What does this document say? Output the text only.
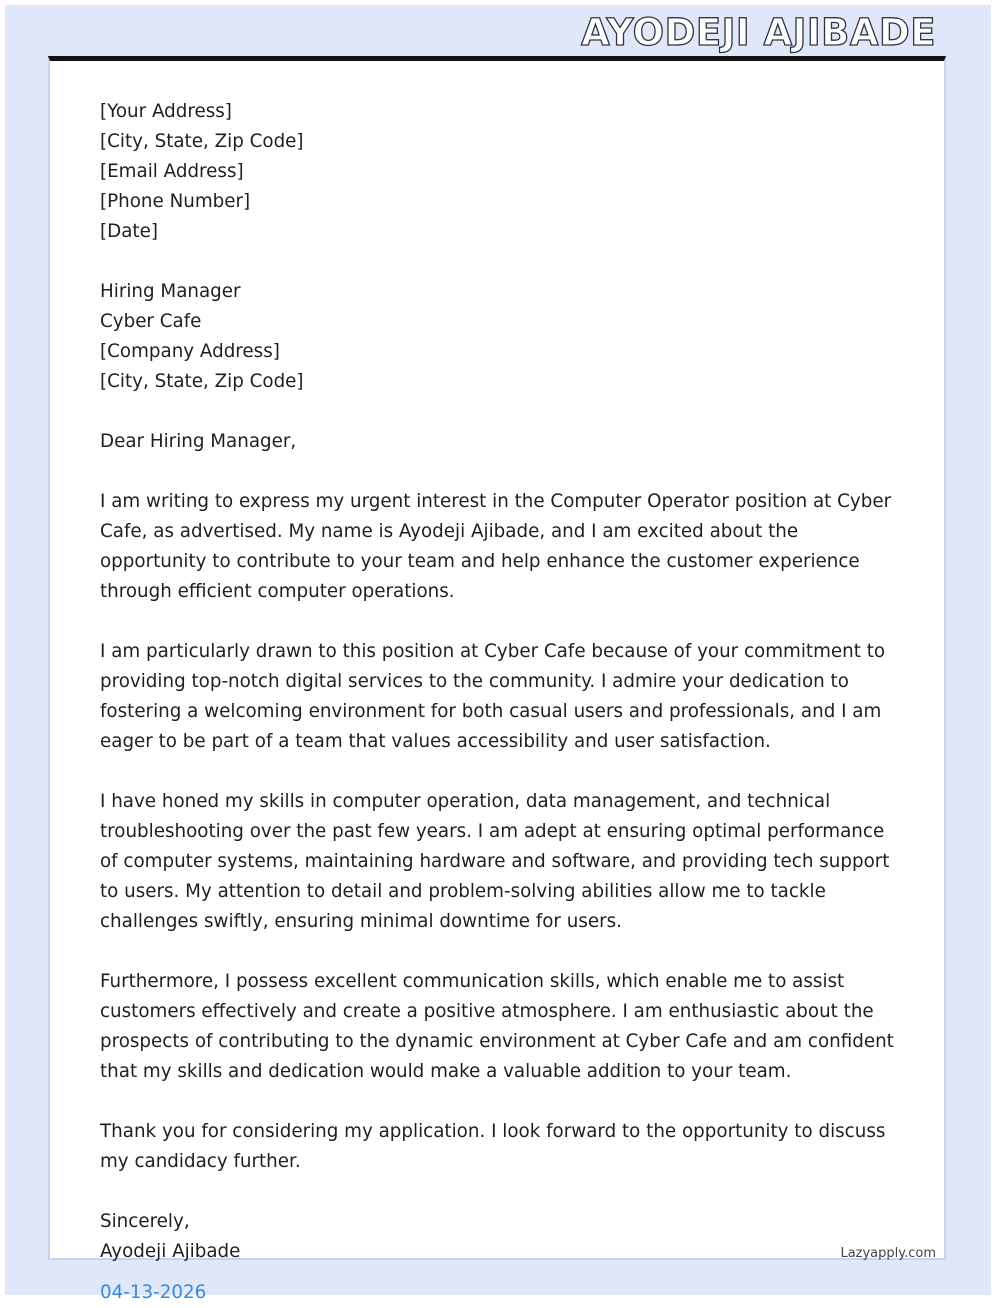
AYODEJI AJIBADE
[Your Address]
[City, State, Zip Code]
[Email Address]
[Phone Number]
[Date]
Hiring Manager
Cyber Cafe
[Company Address]
[City, State, Zip Code]
Dear Hiring Manager,

I am writing to express my urgent interest in the Computer Operator position at Cyber Cafe, as advertised. My name is Ayodeji Ajibade, and I am excited about the opportunity to contribute to your team and help enhance the customer experience through efficient computer operations.

I am particularly drawn to this position at Cyber Cafe because of your commitment to providing top-notch digital services to the community. I admire your dedication to fostering a welcoming environment for both casual users and professionals, and I am eager to be part of a team that values accessibility and user satisfaction.

I have honed my skills in computer operation, data management, and technical troubleshooting over the past few years. I am adept at ensuring optimal performance of computer systems, maintaining hardware and software, and providing tech support to users. My attention to detail and problem-solving abilities allow me to tackle challenges swiftly, ensuring minimal downtime for users.

Furthermore, I possess excellent communication skills, which enable me to assist customers effectively and create a positive atmosphere. I am enthusiastic about the prospects of contributing to the dynamic environment at Cyber Cafe and am confident that my skills and dedication would make a valuable addition to your team.

Thank you for considering my application. I look forward to the opportunity to discuss my candidacy further.

Sincerely,
Ayodeji Ajibade	Lazyapply.com
04-13-2026
